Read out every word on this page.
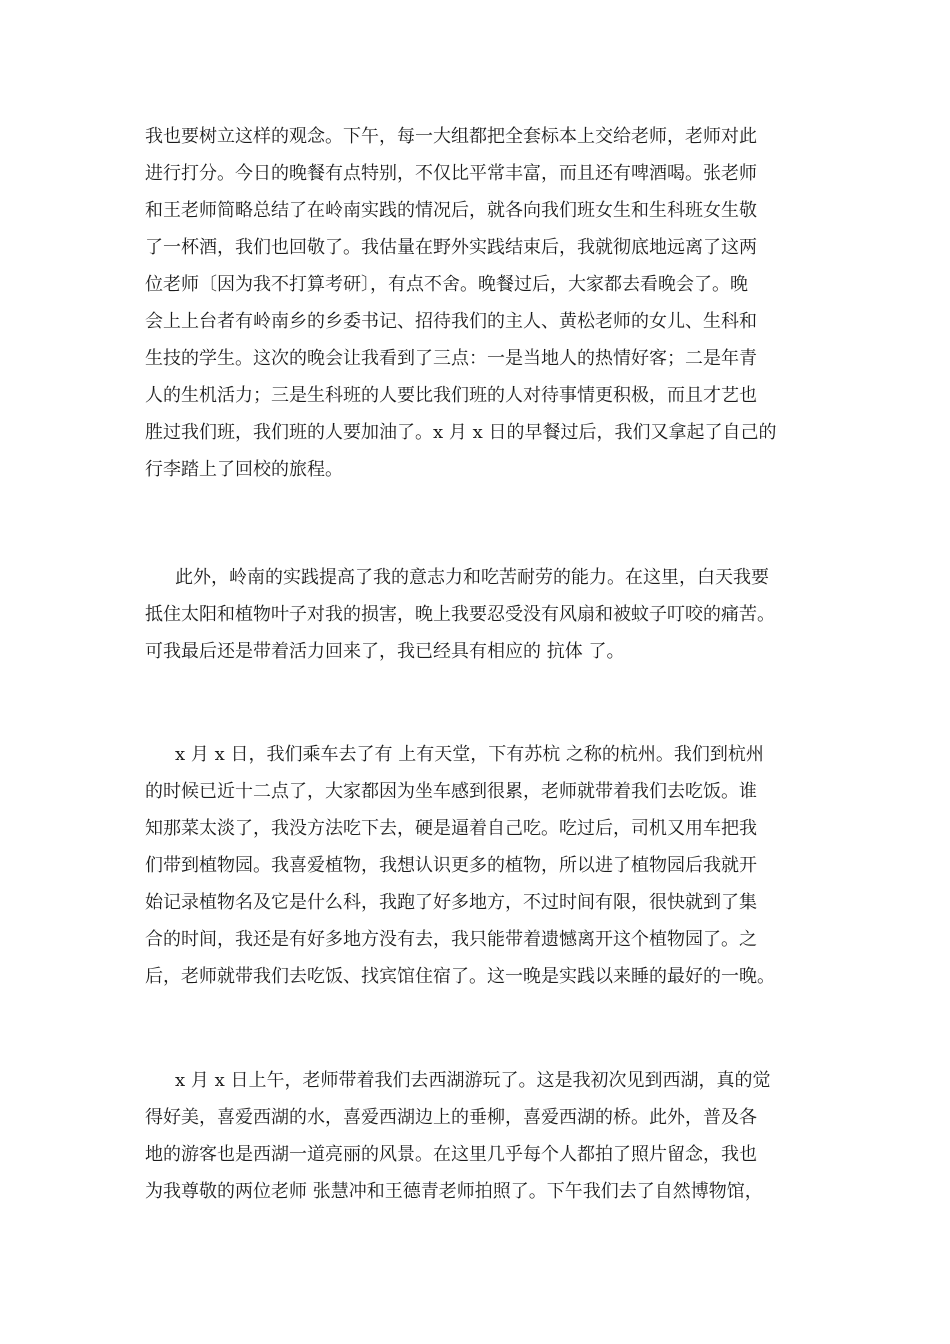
我也要树立这样的观念。下午，每一大组都把全套标本上交给老师，老师对此
进行打分。今日的晚餐有点特别，不仅比平常丰富，而且还有啤酒喝。张老师
和王老师简略总结了在岭南实践的情况后，就各向我们班女生和生科班女生敬
了一杯酒，我们也回敬了。我估量在野外实践结束后，我就彻底地远离了这两
位老师〔因为我不打算考研〕，有点不舍。晚餐过后，大家都去看晚会了。晚
会上上台者有岭南乡的乡委书记、招待我们的主人、黄松老师的女儿、生科和
生技的学生。这次的晚会让我看到了三点：一是当地人的热情好客；二是年青
人的生机活力；三是生科班的人要比我们班的人对待事情更积极，而且才艺也
胜过我们班，我们班的人要加油了。x 月 x 日的早餐过后，我们又拿起了自己的
行李踏上了回校的旅程。
此外，岭南的实践提高了我的意志力和吃苦耐劳的能力。在这里，白天我要
抵住太阳和植物叶子对我的损害，晚上我要忍受没有风扇和被蚊子叮咬的痛苦。
可我最后还是带着活力回来了，我已经具有相应的 抗体 了。
x 月 x 日，我们乘车去了有 上有天堂，下有苏杭 之称的杭州。我们到杭州
的时候已近十二点了，大家都因为坐车感到很累，老师就带着我们去吃饭。谁
知那菜太淡了，我没方法吃下去，硬是逼着自己吃。吃过后，司机又用车把我
们带到植物园。我喜爱植物，我想认识更多的植物，所以进了植物园后我就开
始记录植物名及它是什么科，我跑了好多地方，不过时间有限，很快就到了集
合的时间，我还是有好多地方没有去，我只能带着遗憾离开这个植物园了。之
后，老师就带我们去吃饭、找宾馆住宿了。这一晚是实践以来睡的最好的一晚。
x 月 x 日上午，老师带着我们去西湖游玩了。这是我初次见到西湖，真的觉
得好美，喜爱西湖的水，喜爱西湖边上的垂柳，喜爱西湖的桥。此外，普及各
地的游客也是西湖一道亮丽的风景。在这里几乎每个人都拍了照片留念，我也
为我尊敬的两位老师 张慧冲和王德青老师拍照了。下午我们去了自然博物馆，
